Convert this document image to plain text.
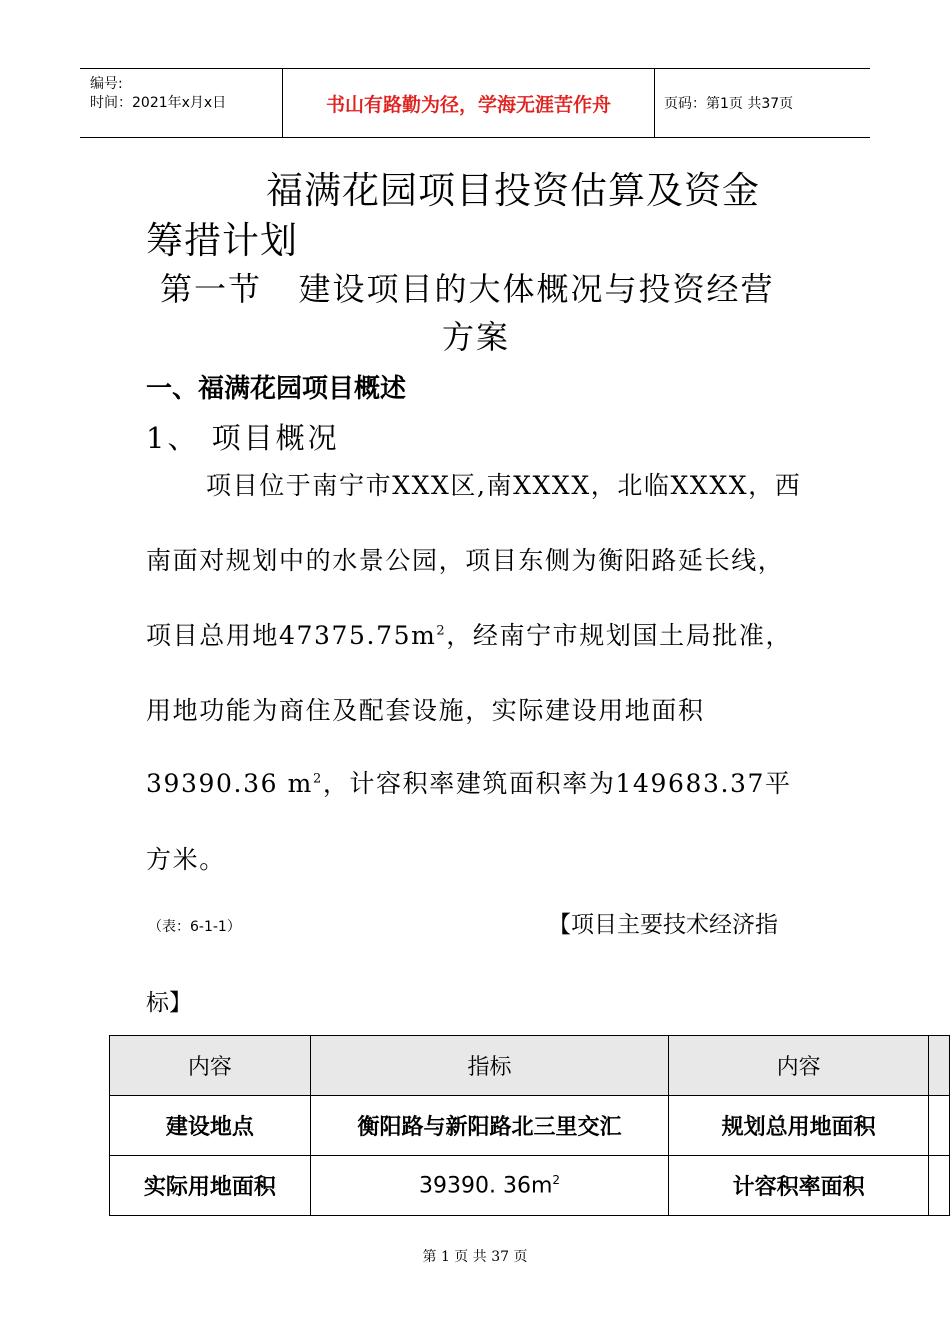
编号:
时间：2021年x月x日	书山有路勤为径，学海无涯苦作舟	页码：第1页 共37页
福满花园项目投资估算及资金
筹措计划
第一节   建设项目的大体概况与投资经营
方案
一、福满花园项目概述
1、 项目概况
项目位于南宁市XXX区,南XXXX，北临XXXX，西
南面对规划中的水景公园，项目东侧为衡阳路延长线，
项目总用地$47375.75m^2$，经南宁市规划国土局批准，
用地功能为商住及配套设施，实际建设用地面积
39390.36 $m^2$，计容积率建筑面积率为149683.37平
方米。
（表：6-1-1）	【项目主要技术经济指
标】
内容	指标	内容	
建设地点	衡阳路与新阳路北三里交汇	规划总用地面积	
实际用地面积	39390. $36m^2$	计容积率面积	
第 1 页 共 37 页
